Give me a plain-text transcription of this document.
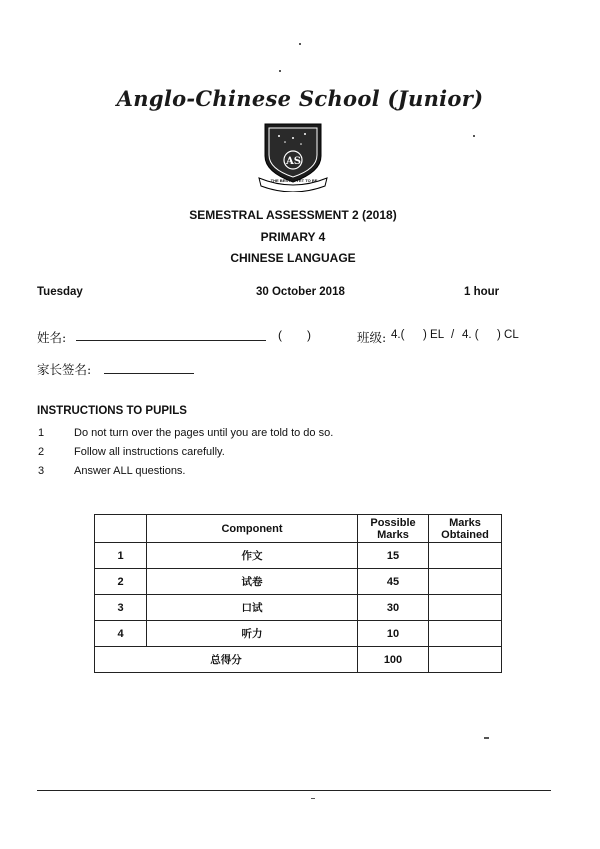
Anglo-Chinese School (Junior)
AS
THE BEST IS YET TO BE
SEMESTRAL ASSESSMENT 2 (2018)
PRIMARY 4
CHINESE LANGUAGE
Tuesday	30 October 2018	1 hour
姓名:	( )	班级: 4.( ) EL / 4. ( ) CL
家长签名:
INSTRUCTIONS TO PUPILS
1	Do not turn over the pages until you are told to do so.
2	Follow all instructions carefully.
3	Answer ALL questions.
	Component	Possible Marks	Marks Obtained
1	作文	15	
2	试卷	45	
3	口试	30	
4	听力	10	
总得分		100	
